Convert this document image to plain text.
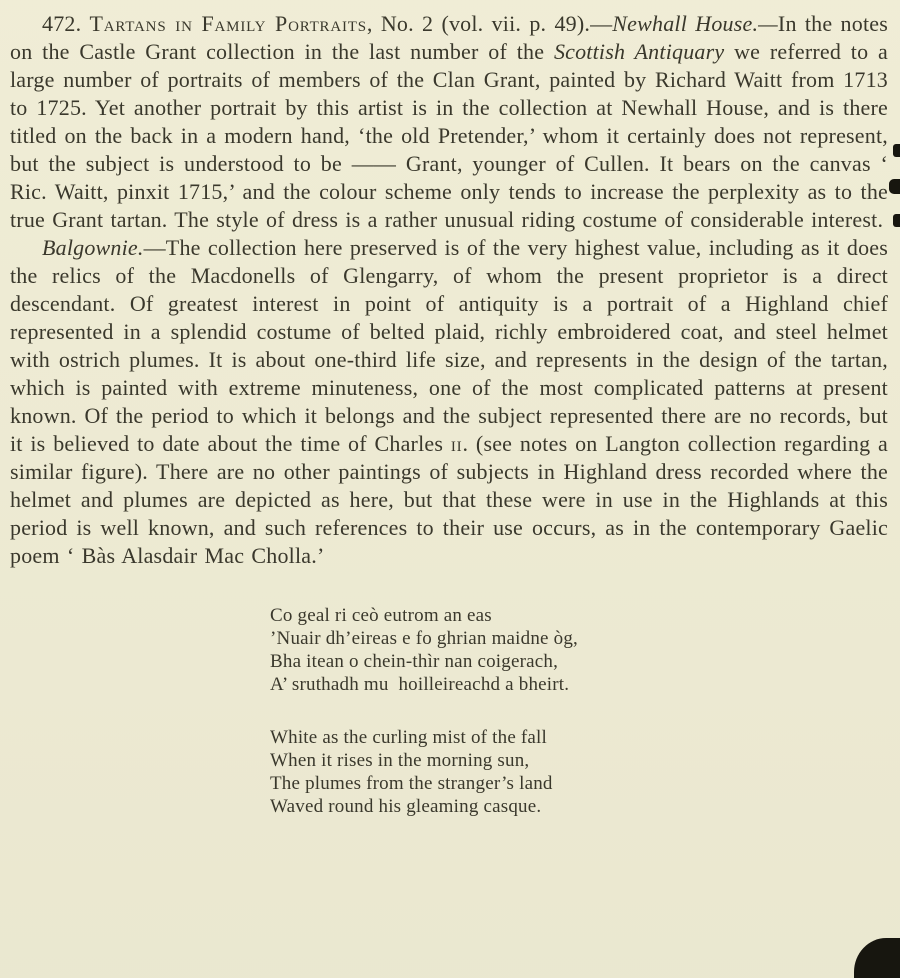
472. Tartans in Family Portraits, No. 2 (vol. vii. p. 49).—Newhall House.—In the notes on the Castle Grant collection in the last number of the Scottish Antiquary we referred to a large number of portraits of members of the Clan Grant, painted by Richard Waitt from 1713 to 1725. Yet another portrait by this artist is in the collection at Newhall House, and is there titled on the back in a modern hand, ‘the old Pretender,’ whom it certainly does not represent, but the subject is understood to be —— Grant, younger of Cullen. It bears on the canvas ‘ Ric. Waitt, pinxit 1715,’ and the colour scheme only tends to increase the perplexity as to the true Grant tartan. The style of dress is a rather unusual riding costume of considerable interest.

Balgownie.—The collection here preserved is of the very highest value, including as it does the relics of the Macdonells of Glengarry, of whom the present proprietor is a direct descendant. Of greatest interest in point of antiquity is a portrait of a Highland chief represented in a splendid costume of belted plaid, richly embroidered coat, and steel helmet with ostrich plumes. It is about one-third life size, and represents in the design of the tartan, which is painted with extreme minuteness, one of the most complicated patterns at present known. Of the period to which it belongs and the subject represented there are no records, but it is believed to date about the time of Charles ii. (see notes on Langton collection regarding a similar figure). There are no other paintings of subjects in Highland dress recorded where the helmet and plumes are depicted as here, but that these were in use in the Highlands at this period is well known, and such references to their use occurs, as in the contemporary Gaelic poem ‘ Bàs Alasdair Mac Cholla.’

Co geal ri ceò eutrom an eas
’Nuair dh’eireas e fo ghrian maidne òg,
Bha itean o chein-thìr nan coigerach,
A’ sruthadh mu  hoilleireachd a bheirt.
White as the curling mist of the fall
When it rises in the morning sun,
The plumes from the stranger’s land
Waved round his gleaming casque.
